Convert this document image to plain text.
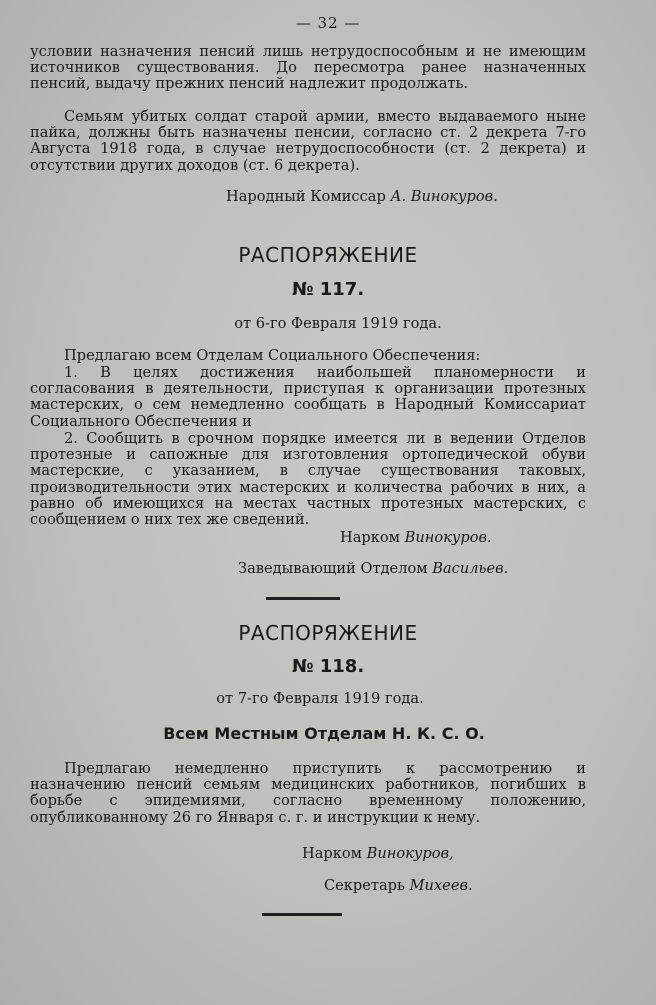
— 32 —
условии назначения пенсий лишь нетрудоспособным и не имеющим источников существования. До пересмотра ранее назначенных пенсий, выдачу прежних пенсий надлежит продолжать.
Семьям убитых солдат старой армии, вместо выдаваемого ныне пайка, должны быть назначены пенсии, согласно ст. 2 декрета 7-го Августа 1918 года, в случае нетрудоспособности (ст. 2 декрета) и отсутствии других доходов (ст. 6 декрета).
Народный Комиссар А. Винокуров.
РАСПОРЯЖЕНИЕ
№ 117.
от 6-го Февраля 1919 года.
Предлагаю всем Отделам Социального Обеспечения:
1. В целях достижения наибольшей планомерности и согласования в деятельности, приступая к организации протезных мастерских, о сем немедленно сообщать в Народный Комиссариат Социального Обеспечения и
2. Сообщить в срочном порядке имеется ли в ведении Отделов протезные и сапожные для изготовления ортопедической обуви мастерские, с указанием, в случае существования таковых, производительности этих мастерских и количества рабочих в них, а равно об имеющихся на местах частных протезных мастерских, с сообщением о них тех же сведений.
Нарком Винокуров.
Заведывающий Отделом Васильев.
РАСПОРЯЖЕНИЕ
№ 118.
от 7-го Февраля 1919 года.
Всем Местным Отделам Н. К. С. О.
Предлагаю немедленно приступить к рассмотрению и назначению пенсий семьям медицинских работников, погибших в борьбе с эпидемиями, согласно временному положению, опубликованному 26 го Января с. г. и инструкции к нему.
Нарком Винокуров,
Секретарь Михеев.
